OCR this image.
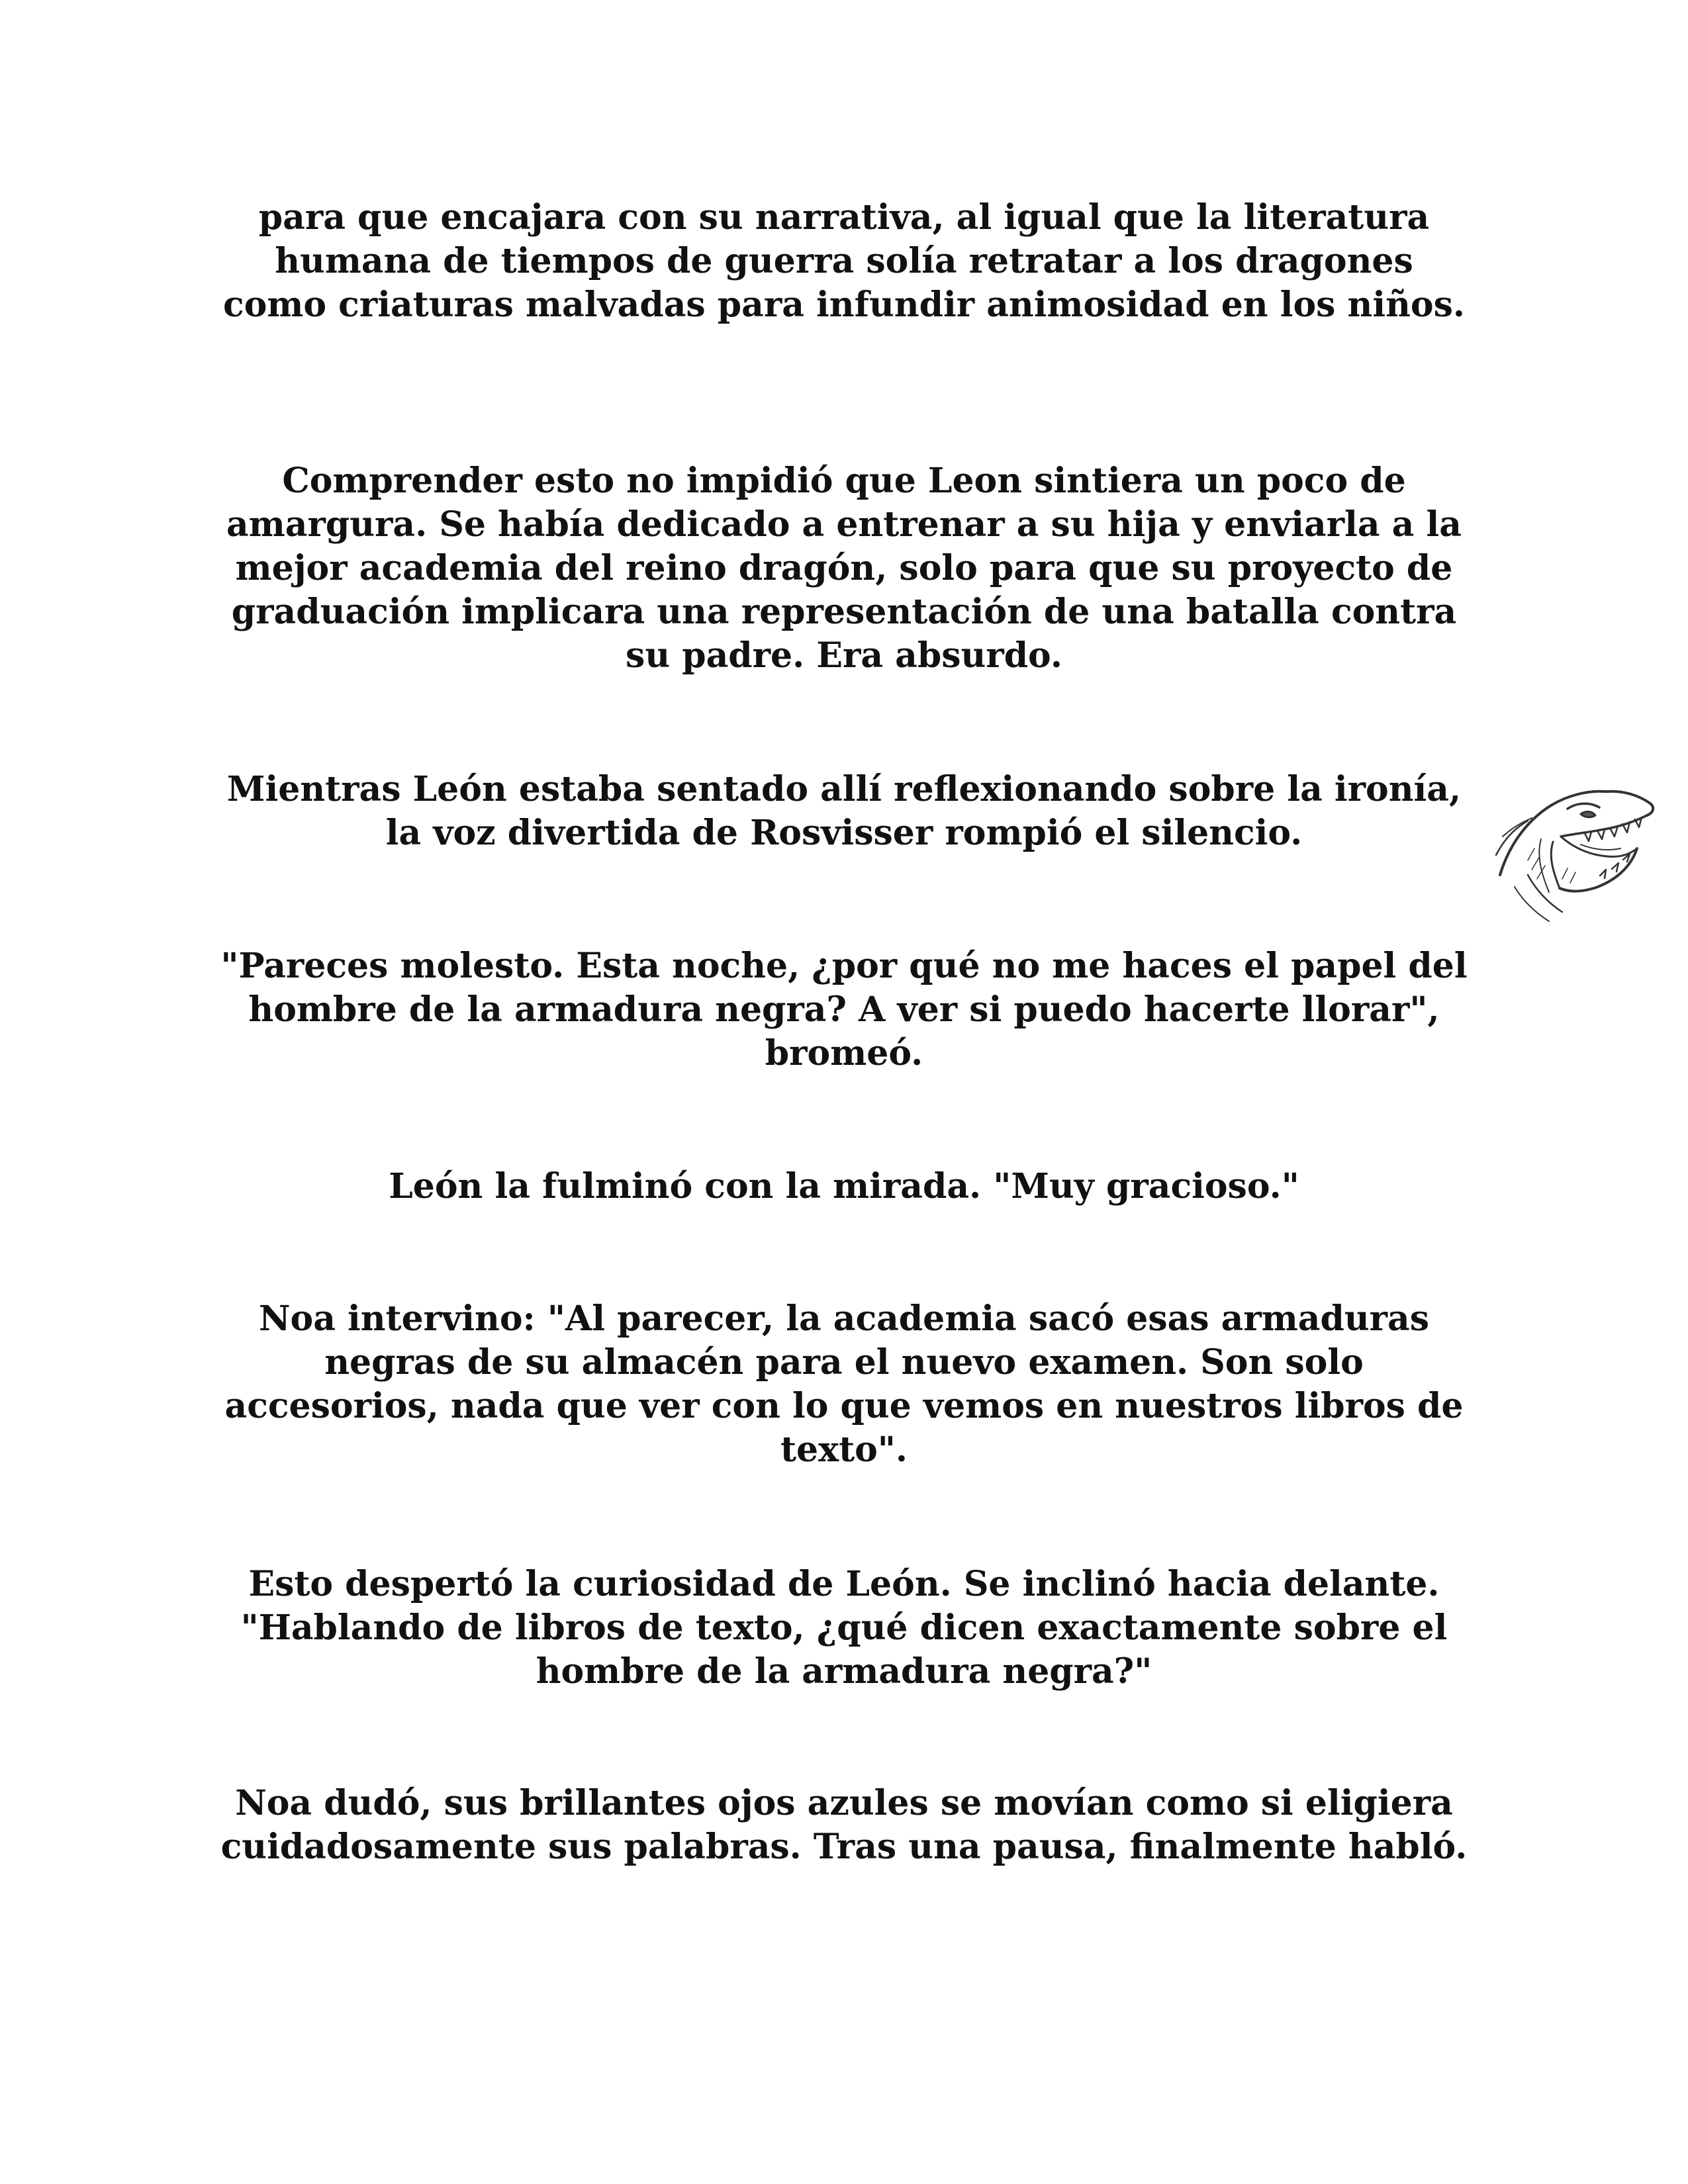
para que encajara con su narrativa, al igual que la literatura humana de tiempos de guerra solía retratar a los dragones como criaturas malvadas para infundir animosidad en los niños.

Comprender esto no impidió que Leon sintiera un poco de amargura. Se había dedicado a entrenar a su hija y enviarla a la mejor academia del reino dragón, solo para que su proyecto de graduación implicara una representación de una batalla contra su padre. Era absurdo.

Mientras León estaba sentado allí reflexionando sobre la ironía, la voz divertida de Rosvisser rompió el silencio.

"Pareces molesto. Esta noche, ¿por qué no me haces el papel del hombre de la armadura negra? A ver si puedo hacerte llorar", bromeó.

León la fulminó con la mirada. "Muy gracioso."

Noa intervino: "Al parecer, la academia sacó esas armaduras negras de su almacén para el nuevo examen. Son solo accesorios, nada que ver con lo que vemos en nuestros libros de texto".

Esto despertó la curiosidad de León. Se inclinó hacia delante. "Hablando de libros de texto, ¿qué dicen exactamente sobre el hombre de la armadura negra?"

Noa dudó, sus brillantes ojos azules se movían como si eligiera cuidadosamente sus palabras. Tras una pausa, finalmente habló.
